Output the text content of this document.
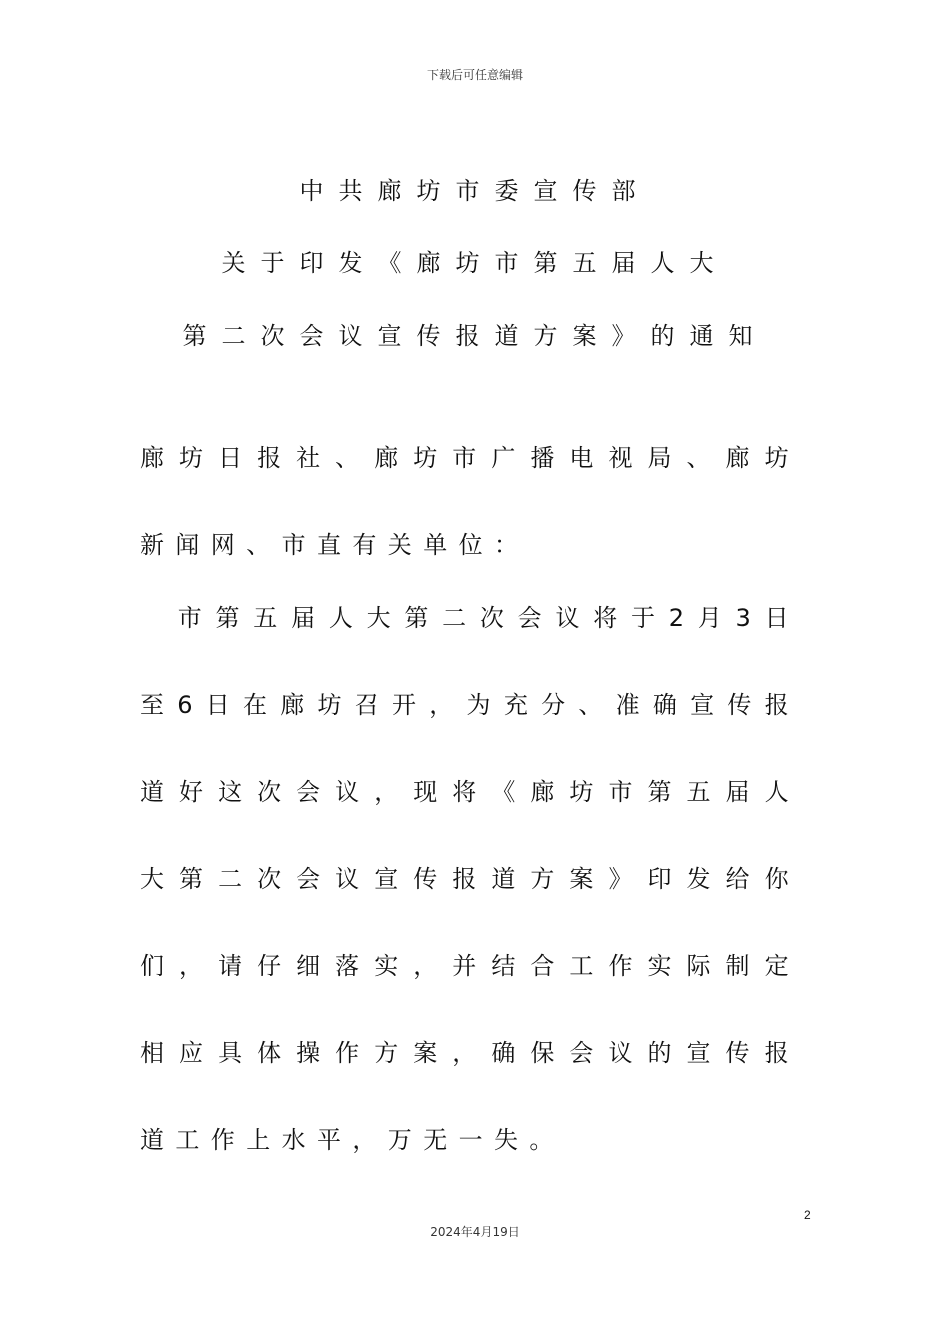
下载后可任意编辑
中共廊坊市委宣传部
关于印发《廊坊市第五届人大
第二次会议宣传报道方案》的通知
廊坊日报社、廊坊市广播电视局、廊坊
新闻网、市直有关单位：
　市第五届人大第二次会议将于2月3日
至6日在廊坊召开，为充分、准确宣传报
道好这次会议，现将《廊坊市第五届人
大第二次会议宣传报道方案》印发给你
们，请仔细落实，并结合工作实际制定
相应具体操作方案，确保会议的宣传报
道工作上水平，万无一失。
2
2024年4月19日
